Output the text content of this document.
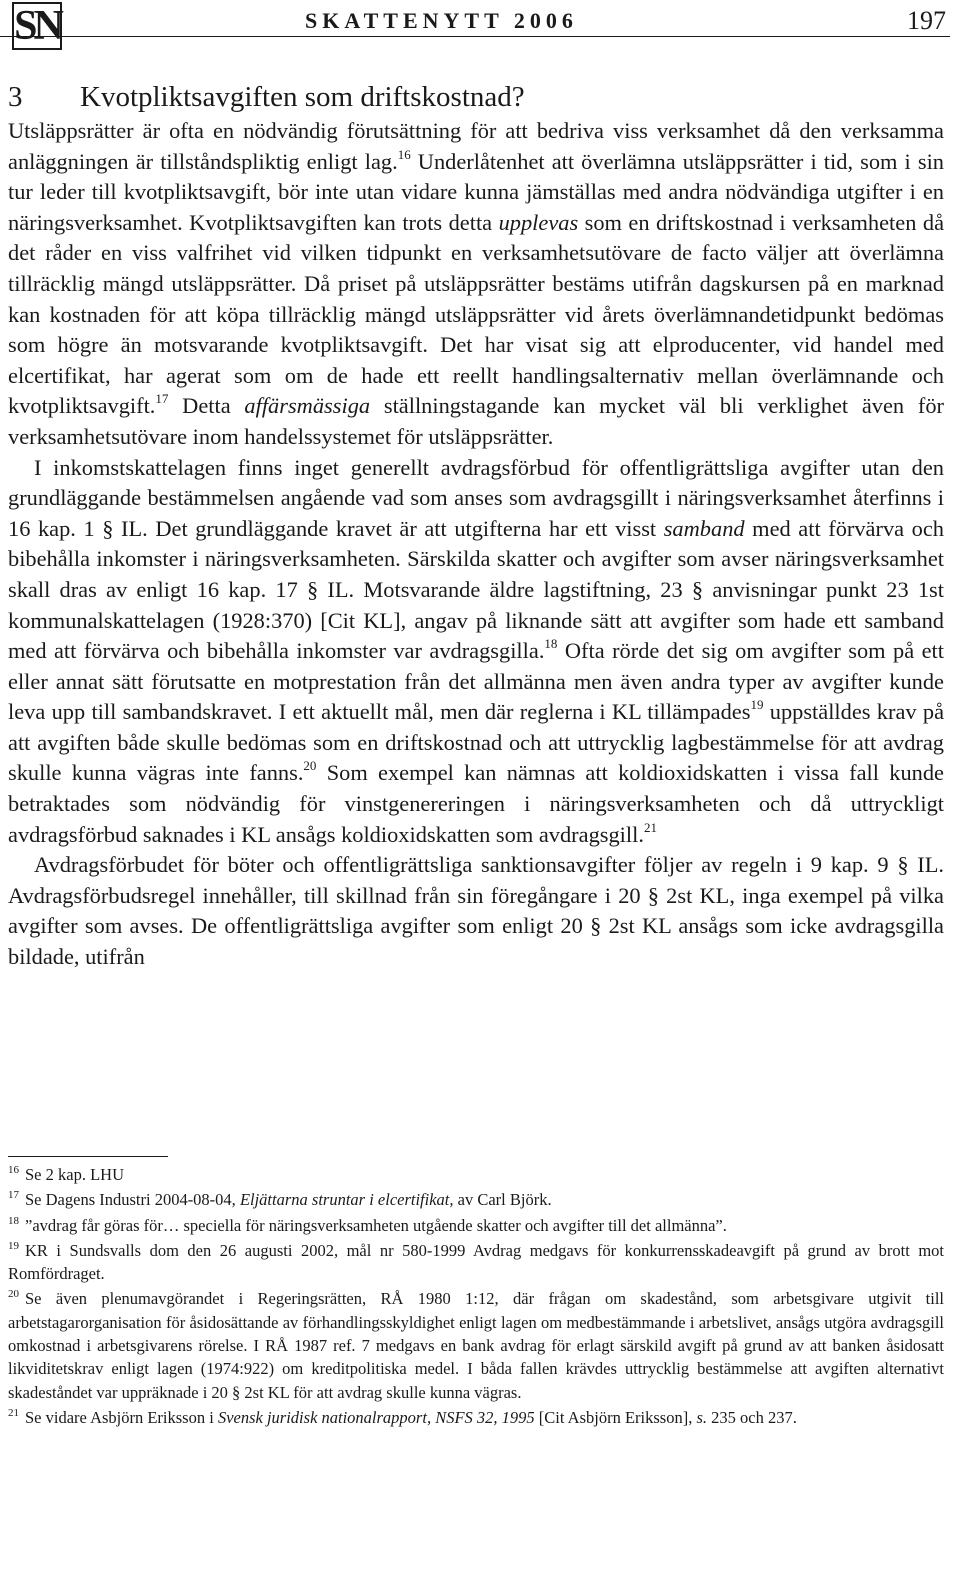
SN	SKATTENYTT 2006	197
3 Kvotpliktsavgiften som driftskostnad?

Utsläppsrätter är ofta en nödvändig förutsättning för att bedriva viss verksamhet då den verksamma anläggningen är tillståndspliktig enligt lag.$^{16}$ Underlåtenhet att överlämna utsläppsrätter i tid, som i sin tur leder till kvotpliktsavgift, bör inte utan vidare kunna jämställas med andra nödvändiga utgifter i en näringsverksamhet. Kvotpliktsavgiften kan trots detta upplevas som en driftskostnad i verksamheten då det råder en viss valfrihet vid vilken tidpunkt en verksamhetsutövare de facto väljer att överlämna tillräcklig mängd utsläppsrätter. Då priset på utsläppsrätter bestäms utifrån dagskursen på en marknad kan kostnaden för att köpa tillräcklig mängd utsläppsrätter vid årets överlämnandetidpunkt bedömas som högre än motsvarande kvotpliktsavgift. Det har visat sig att elproducenter, vid handel med elcertifikat, har agerat som om de hade ett reellt handlingsalternativ mellan överlämnande och kvotpliktsavgift.$^{17}$ Detta affärsmässiga ställningstagande kan mycket väl bli verklighet även för verksamhetsutövare inom handelssystemet för utsläppsrätter.

I inkomstskattelagen finns inget generellt avdragsförbud för offentligrättsliga avgifter utan den grundläggande bestämmelsen angående vad som anses som avdragsgillt i näringsverksamhet återfinns i 16 kap. 1 § IL. Det grundläggande kravet är att utgifterna har ett visst samband med att förvärva och bibehålla inkomster i näringsverksamheten. Särskilda skatter och avgifter som avser näringsverksamhet skall dras av enligt 16 kap. 17 § IL. Motsvarande äldre lagstiftning, 23 § anvisningar punkt 23 1st kommunalskattelagen (1928:370) [Cit KL], angav på liknande sätt att avgifter som hade ett samband med att förvärva och bibehålla inkomster var avdragsgilla.$^{18}$ Ofta rörde det sig om avgifter som på ett eller annat sätt förutsatte en motprestation från det allmänna men även andra typer av avgifter kunde leva upp till sambandskravet. I ett aktuellt mål, men där reglerna i KL tillämpades$^{19}$ uppställdes krav på att avgiften både skulle bedömas som en driftskostnad och att uttrycklig lagbestämmelse för att avdrag skulle kunna vägras inte fanns.$^{20}$ Som exempel kan nämnas att koldioxidskatten i vissa fall kunde betraktades som nödvändig för vinstgenereringen i näringsverksamheten och då uttryckligt avdragsförbud saknades i KL ansågs koldioxidskatten som avdragsgill.$^{21}$

Avdragsförbudet för böter och offentligrättsliga sanktionsavgifter följer av regeln i 9 kap. 9 § IL. Avdragsförbudsregel innehåller, till skillnad från sin föregångare i 20 § 2st KL, inga exempel på vilka avgifter som avses. De offentligrättsliga avgifter som enligt 20 § 2st KL ansågs som icke avdragsgilla bildade, utifrån

$^{16}$ Se 2 kap. LHU
$^{17}$ Se Dagens Industri 2004-08-04, Eljättarna struntar i elcertifikat, av Carl Björk.
$^{18}$ ”avdrag får göras för… speciella för näringsverksamheten utgående skatter och avgifter till det allmänna”.
$^{19}$ KR i Sundsvalls dom den 26 augusti 2002, mål nr 580-1999 Avdrag medgavs för konkurrensskadeavgift på grund av brott mot Romfördraget.
$^{20}$ Se även plenumavgörandet i Regeringsrätten, RÅ 1980 1:12, där frågan om skadestånd, som arbetsgivare utgivit till arbetstagarorganisation för åsidosättande av förhandlingsskyldighet enligt lagen om medbestämmande i arbetslivet, ansågs utgöra avdragsgill omkostnad i arbetsgivarens rörelse. I RÅ 1987 ref. 7 medgavs en bank avdrag för erlagt särskild avgift på grund av att banken åsidosatt likviditetskrav enligt lagen (1974:922) om kreditpolitiska medel. I båda fallen krävdes uttrycklig bestämmelse att avgiften alternativt skadeståndet var uppräknade i 20 § 2st KL för att avdrag skulle kunna vägras.
$^{21}$ Se vidare Asbjörn Eriksson i Svensk juridisk nationalrapport, NSFS 32, 1995 [Cit Asbjörn Eriksson], s. 235 och 237.
